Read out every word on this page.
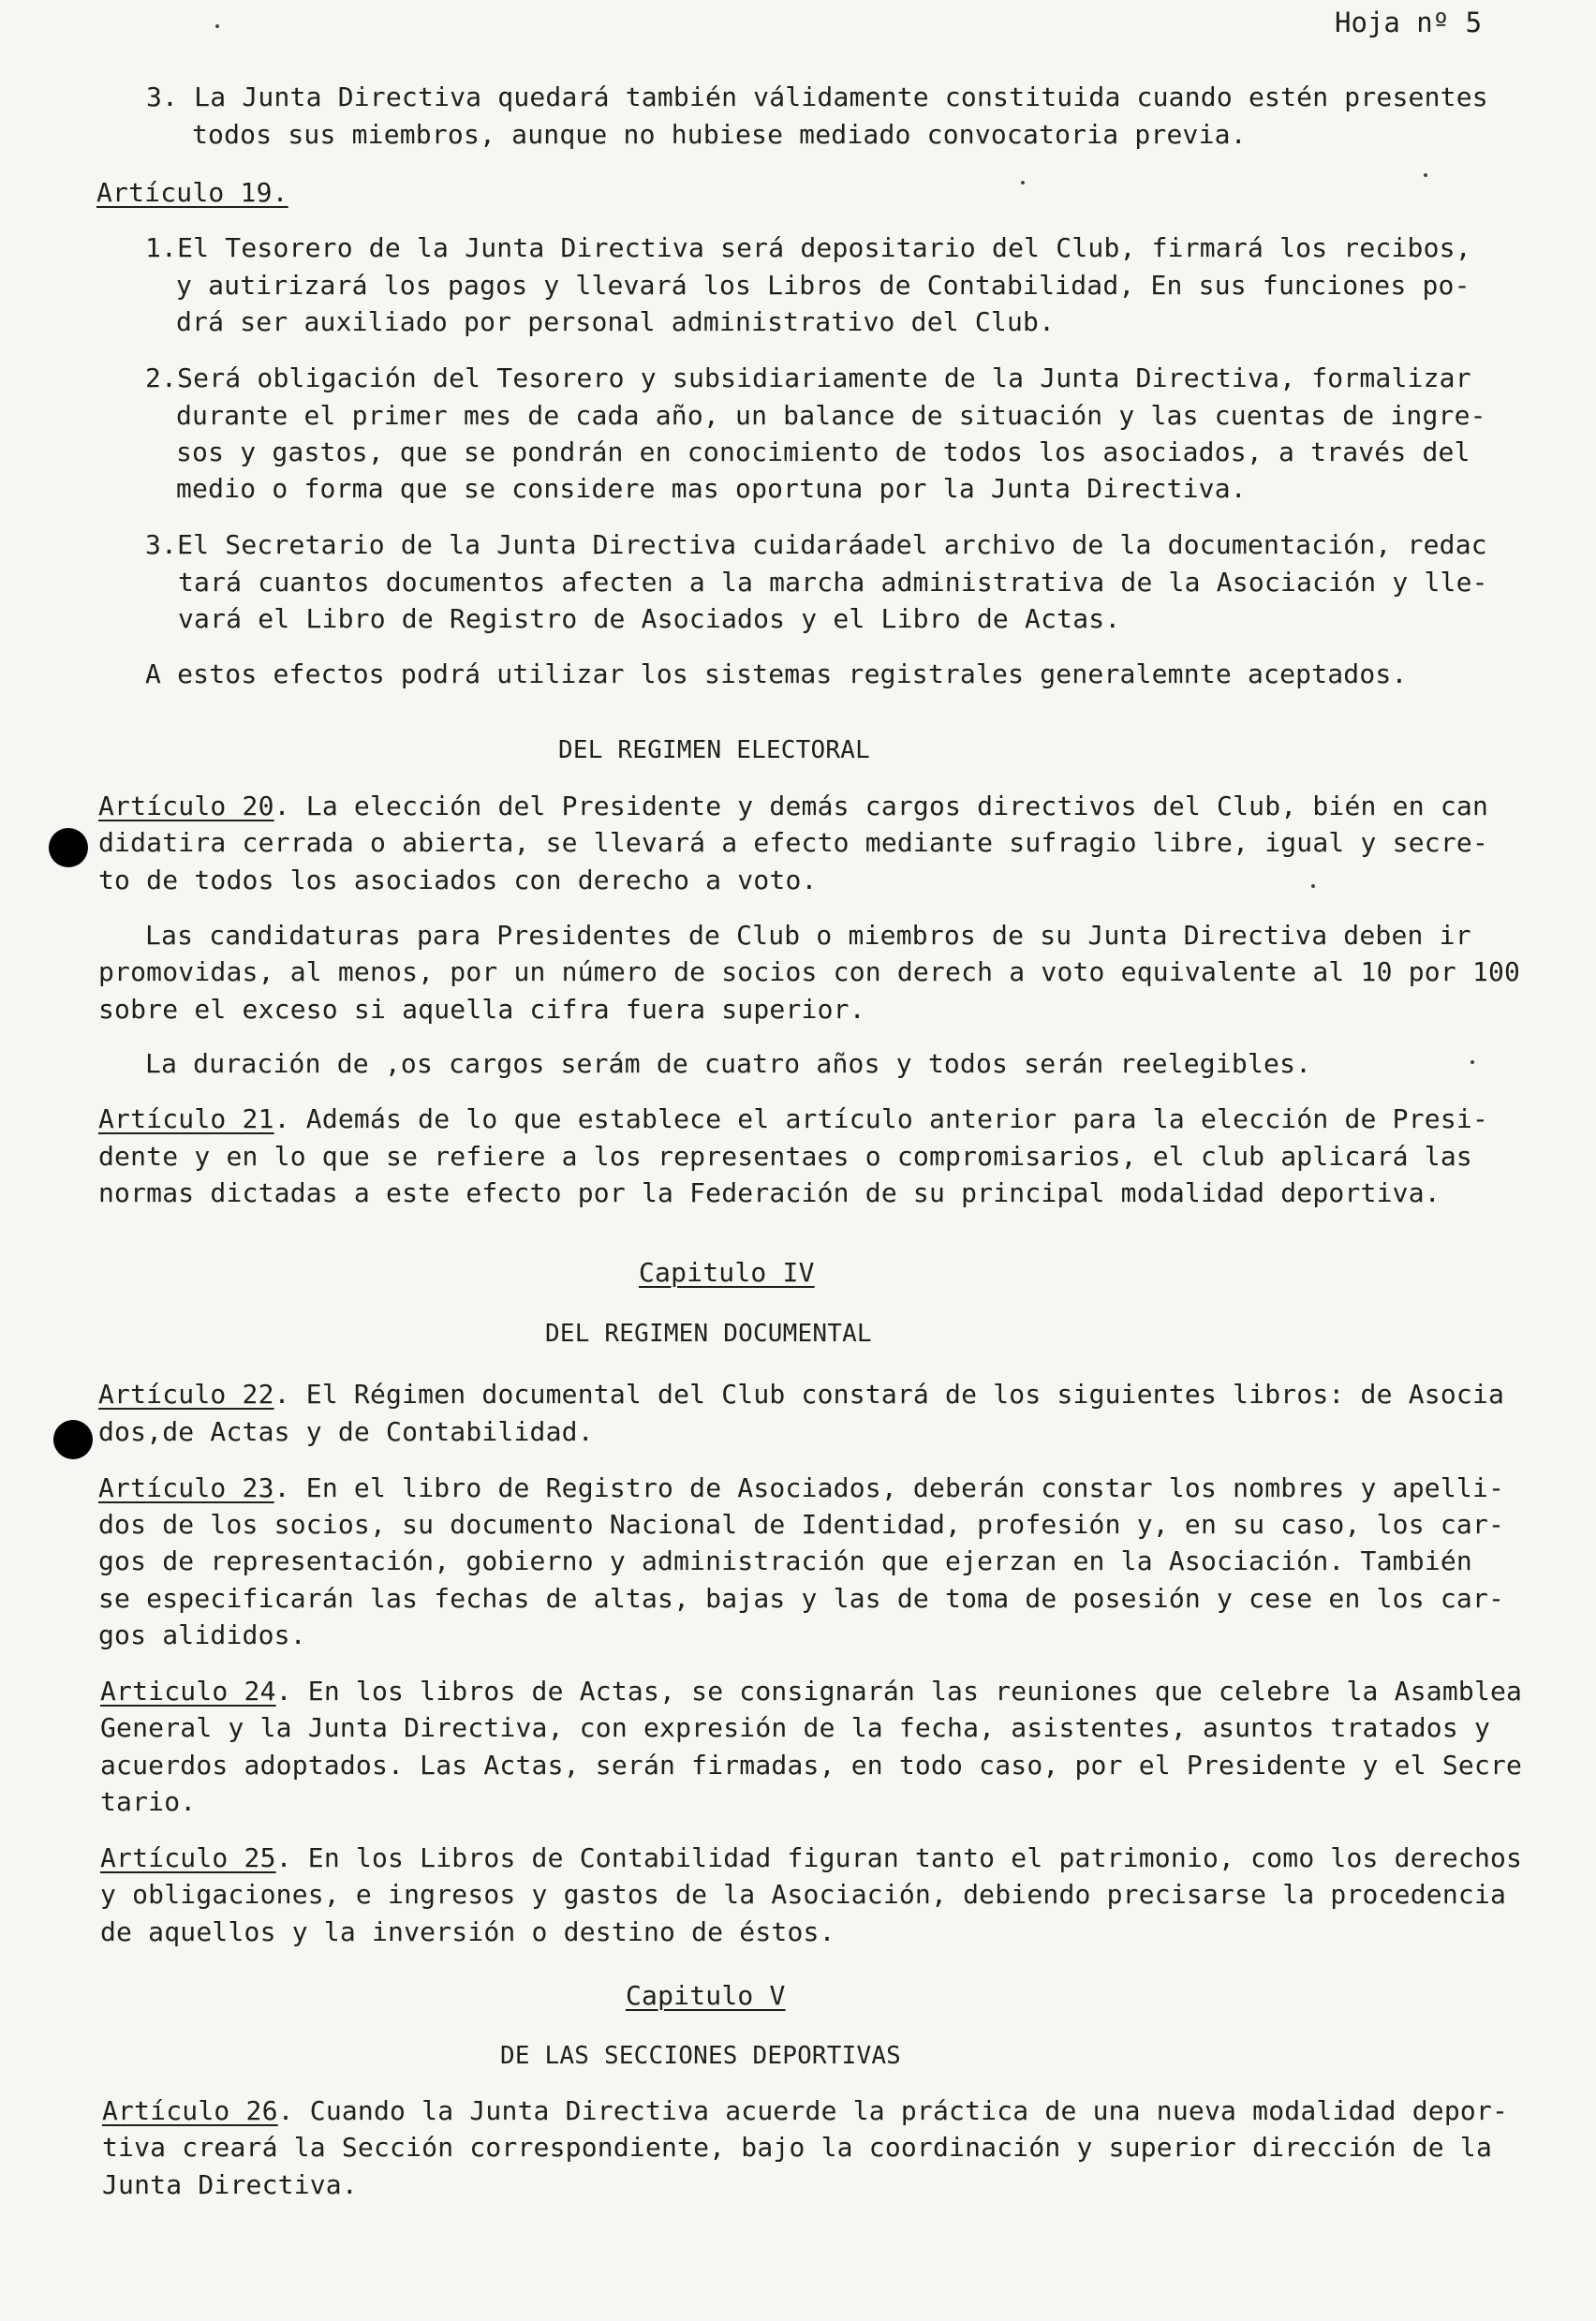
Hoja nº 5
3. La Junta Directiva quedará también válidamente constituida cuando estén presentes
todos sus miembros, aunque no hubiese mediado convocatoria previa.
Artículo 19.
1.El Tesorero de la Junta Directiva será depositario del Club, firmará los recibos,
y autirizará los pagos y llevará los Libros de Contabilidad, En sus funciones po-
drá ser auxiliado por personal administrativo del Club.
2.Será obligación del Tesorero y subsidiariamente de la Junta Directiva, formalizar
durante el primer mes de cada año, un balance de situación y las cuentas de ingre-
sos y gastos, que se pondrán en conocimiento de todos los asociados, a través del
medio o forma que se considere mas oportuna por la Junta Directiva.
3.El Secretario de la Junta Directiva cuidaráadel archivo de la documentación, redac
tará cuantos documentos afecten a la marcha administrativa de la Asociación y lle-
vará el Libro de Registro de Asociados y el Libro de Actas.
A estos efectos podrá utilizar los sistemas registrales generalemnte aceptados.
DEL REGIMEN ELECTORAL
Artículo 20. La elección del Presidente y demás cargos directivos del Club, bién en can
didatira cerrada o abierta, se llevará a efecto mediante sufragio libre, igual y secre-
to de todos los asociados con derecho a voto.
Las candidaturas para Presidentes de Club o miembros de su Junta Directiva deben ir
promovidas, al menos, por un número de socios con derech a voto equivalente al 10 por 100
sobre el exceso si aquella cifra fuera superior.
La duración de ,os cargos serám de cuatro años y todos serán reelegibles.
Artículo 21. Además de lo que establece el artículo anterior para la elección de Presi-
dente y en lo que se refiere a los representaes o compromisarios, el club aplicará las
normas dictadas a este efecto por la Federación de su principal modalidad deportiva.
Capitulo IV
DEL REGIMEN DOCUMENTAL
Artículo 22. El Régimen documental del Club constará de los siguientes libros: de Asocia
dos,de Actas y de Contabilidad.
Artículo 23. En el libro de Registro de Asociados, deberán constar los nombres y apelli-
dos de los socios, su documento Nacional de Identidad, profesión y, en su caso, los car-
gos de representación, gobierno y administración que ejerzan en la Asociación. También
se especificarán las fechas de altas, bajas y las de toma de posesión y cese en los car-
gos alididos.
Articulo 24. En los libros de Actas, se consignarán las reuniones que celebre la Asamblea
General y la Junta Directiva, con expresión de la fecha, asistentes, asuntos tratados y
acuerdos adoptados. Las Actas, serán firmadas, en todo caso, por el Presidente y el Secre
tario.
Artículo 25. En los Libros de Contabilidad figuran tanto el patrimonio, como los derechos
y obligaciones, e ingresos y gastos de la Asociación, debiendo precisarse la procedencia
de aquellos y la inversión o destino de éstos.
Capitulo V
DE LAS SECCIONES DEPORTIVAS
Artículo 26. Cuando la Junta Directiva acuerde la práctica de una nueva modalidad depor-
tiva creará la Sección correspondiente, bajo la coordinación y superior dirección de la
Junta Directiva.
